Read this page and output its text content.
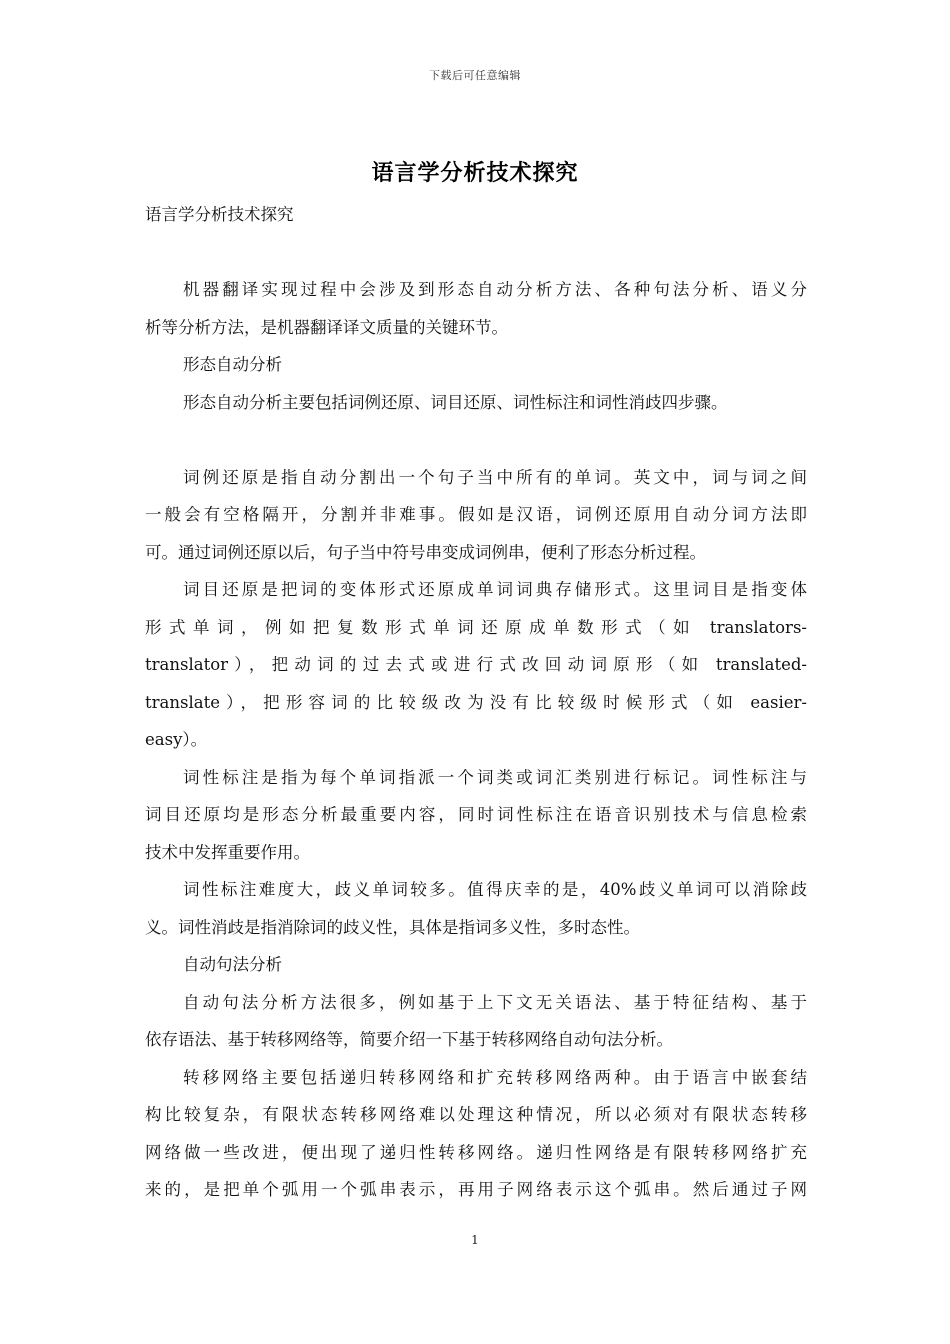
下载后可任意编辑
语言学分析技术探究
语言学分析技术探究
机器翻译实现过程中会涉及到形态自动分析方法、各种句法分析、语义分
析等分析方法，是机器翻译译文质量的关键环节。
形态自动分析
形态自动分析主要包括词例还原、词目还原、词性标注和词性消歧四步骤。
词例还原是指自动分割出一个句子当中所有的单词。英文中，词与词之间
一般会有空格隔开，分割并非难事。假如是汉语，词例还原用自动分词方法即
可。通过词例还原以后，句子当中符号串变成词例串，便利了形态分析过程。
词目还原是把词的变体形式还原成单词词典存储形式。这里词目是指变体
形式单词，例如把复数形式单词还原成单数形式（如 translators-
translator），把动词的过去式或进行式改回动词原形（如 translated-
translate），把形容词的比较级改为没有比较级时候形式（如 easier-
easy）。
词性标注是指为每个单词指派一个词类或词汇类别进行标记。词性标注与
词目还原均是形态分析最重要内容，同时词性标注在语音识别技术与信息检索
技术中发挥重要作用。
词性标注难度大，歧义单词较多。值得庆幸的是，40%歧义单词可以消除歧
义。词性消歧是指消除词的歧义性，具体是指词多义性，多时态性。
自动句法分析
自动句法分析方法很多，例如基于上下文无关语法、基于特征结构、基于
依存语法、基于转移网络等，简要介绍一下基于转移网络自动句法分析。
转移网络主要包括递归转移网络和扩充转移网络两种。由于语言中嵌套结
构比较复杂，有限状态转移网络难以处理这种情况，所以必须对有限状态转移
网络做一些改进，便出现了递归性转移网络。递归性网络是有限转移网络扩充
来的，是把单个弧用一个弧串表示，再用子网络表示这个弧串。然后通过子网
1
